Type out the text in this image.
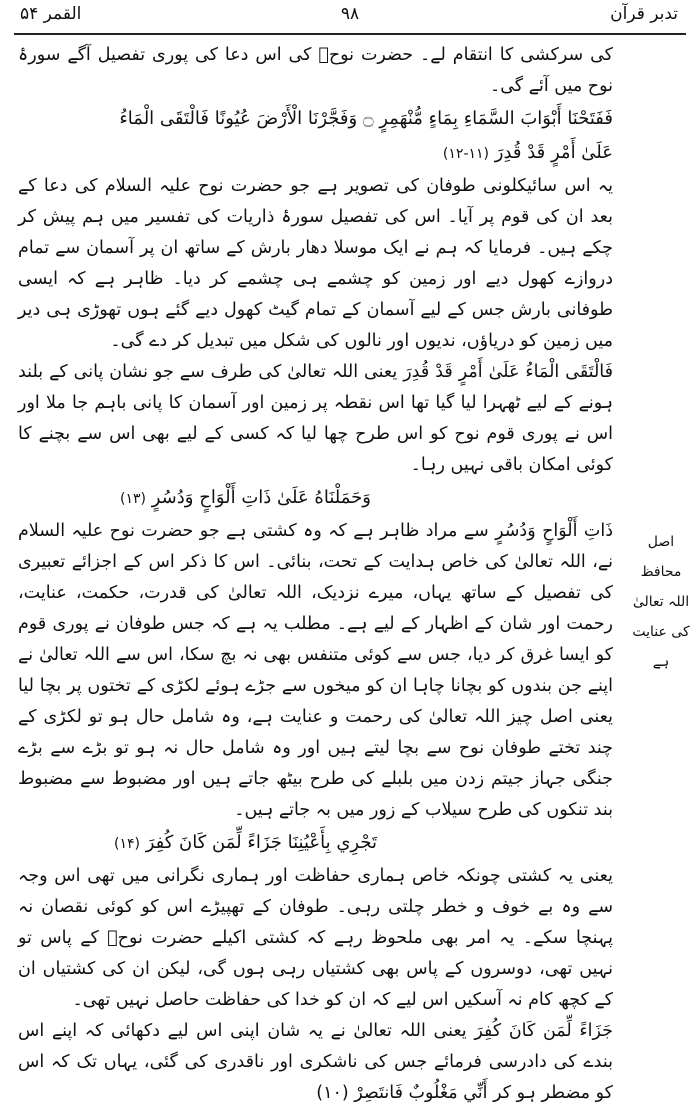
تدبر قرآن
۹۸
القمر ۵۴
اصل محافظ اللہ تعالیٰ کی عنایت ہے

کی سرکشی کا انتقام لے۔ حضرت نوحؑ کی اس دعا کی پوری تفصیل آگے سورۂ نوح میں آئے گی۔

فَفَتَحْنَا أَبْوَابَ السَّمَاءِ بِمَاءٍ مُّنْهَمِرٍ ۝ وَفَجَّرْنَا الْأَرْضَ عُيُونًا فَالْتَقَى الْمَاءُ

عَلَىٰ أَمْرٍ قَدْ قُدِرَ (۱۱-۱۲)

یہ اس سائیکلونی طوفان کی تصویر ہے جو حضرت نوح علیہ السلام کی دعا کے بعد ان کی قوم پر آیا۔ اس کی تفصیل سورۂ ذاریات کی تفسیر میں ہم پیش کر چکے ہیں۔ فرمایا کہ ہم نے ایک موسلا دھار بارش کے ساتھ ان پر آسمان سے تمام دروازے کھول دیے اور زمین کو چشمے ہی چشمے کر دیا۔ ظاہر ہے کہ ایسی طوفانی بارش جس کے لیے آسمان کے تمام گیٹ کھول دیے گئے ہوں تھوڑی ہی دیر میں زمین کو دریاؤں، ندیوں اور نالوں کی شکل میں تبدیل کر دے گی۔

فَالْتَقَى الْمَاءُ عَلَىٰ أَمْرٍ قَدْ قُدِرَ یعنی اللہ تعالیٰ کی طرف سے جو نشان پانی کے بلند ہونے کے لیے ٹھہرا لیا گیا تھا اس نقطہ پر زمین اور آسمان کا پانی باہم جا ملا اور اس نے پوری قوم نوح کو اس طرح چھا لیا کہ کسی کے لیے بھی اس سے بچنے کا کوئی امکان باقی نہیں رہا۔

وَحَمَلْنَاهُ عَلَىٰ ذَاتِ أَلْوَاحٍ وَدُسُرٍ (۱۳)

ذَاتِ أَلْوَاحٍ وَدُسُرٍ سے مراد ظاہر ہے کہ وہ کشتی ہے جو حضرت نوح علیہ السلام نے، اللہ تعالیٰ کی خاص ہدایت کے تحت، بنائی۔ اس کا ذکر اس کے اجزائے تعبیری کی تفصیل کے ساتھ یہاں، میرے نزدیک، اللہ تعالیٰ کی قدرت، حکمت، عنایت، رحمت اور شان کے اظہار کے لیے ہے۔ مطلب یہ ہے کہ جس طوفان نے پوری قوم کو ایسا غرق کر دیا، جس سے کوئی متنفس بھی نہ بچ سکا، اس سے اللہ تعالیٰ نے اپنے جن بندوں کو بچانا چاہا ان کو میخوں سے جڑے ہوئے لکڑی کے تختوں پر بچا لیا یعنی اصل چیز اللہ تعالیٰ کی رحمت و عنایت ہے، وہ شامل حال ہو تو لکڑی کے چند تختے طوفان نوح سے بچا لیتے ہیں اور وہ شامل حال نہ ہو تو بڑے سے بڑے جنگی جہاز جیتم زدن میں بلبلے کی طرح بیٹھ جاتے ہیں اور مضبوط سے مضبوط بند تنکوں کی طرح سیلاب کے زور میں بہ جاتے ہیں۔

تَجْرِي بِأَعْيُنِنَا جَزَاءً لِّمَن كَانَ كُفِرَ (۱۴)

یعنی یہ کشتی چونکہ خاص ہماری حفاظت اور ہماری نگرانی میں تھی اس وجہ سے وہ بے خوف و خطر چلتی رہی۔ طوفان کے تھپیڑے اس کو کوئی نقصان نہ پہنچا سکے۔ یہ امر بھی ملحوظ رہے کہ کشتی اکیلے حضرت نوحؑ کے پاس تو نہیں تھی، دوسروں کے پاس بھی کشتیاں رہی ہوں گی، لیکن ان کی کشتیاں ان کے کچھ کام نہ آسکیں اس لیے کہ ان کو خدا کی حفاظت حاصل نہیں تھی۔

جَزَاءً لِّمَن كَانَ كُفِرَ یعنی اللہ تعالیٰ نے یہ شان اپنی اس لیے دکھائی کہ اپنے اس بندے کی دادرسی فرمائے جس کی ناشکری اور ناقدری کی گئی، یہاں تک کہ اس کو مضطر ہو کر أَنِّي مَغْلُوبٌ فَانتَصِرْ (۱۰)
